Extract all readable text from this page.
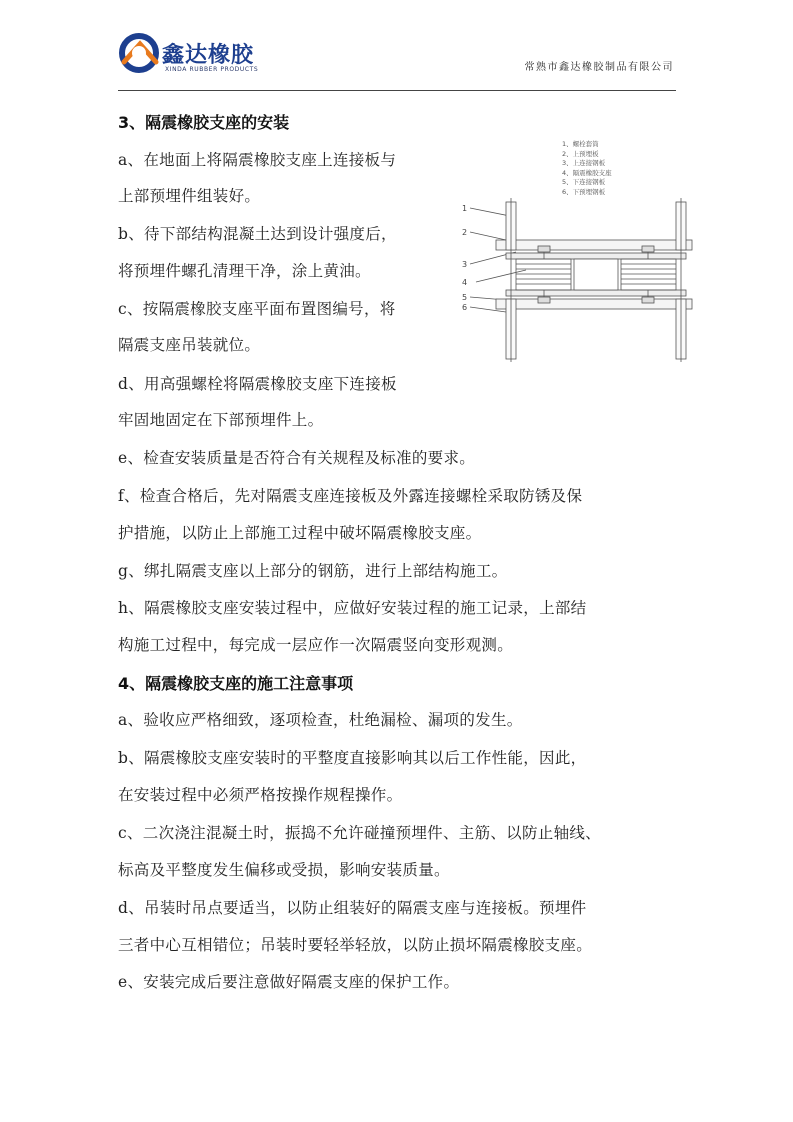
鑫达橡胶
XINDA RUBBER PRODUCTS	常熟市鑫达橡胶制品有限公司
3、隔震橡胶支座的安装
a、在地面上将隔震橡胶支座上连接板与
上部预埋件组装好。
b、待下部结构混凝土达到设计强度后，
将预埋件螺孔清理干净，涂上黄油。
c、按隔震橡胶支座平面布置图编号，将
隔震支座吊装就位。
d、用高强螺栓将隔震橡胶支座下连接板
牢固地固定在下部预埋件上。
e、检查安装质量是否符合有关规程及标准的要求。
f、检查合格后，先对隔震支座连接板及外露连接螺栓采取防锈及保
护措施，以防止上部施工过程中破坏隔震橡胶支座。
g、绑扎隔震支座以上部分的钢筋，进行上部结构施工。
h、隔震橡胶支座安装过程中，应做好安装过程的施工记录，上部结
构施工过程中，每完成一层应作一次隔震竖向变形观测。
1、螺栓套筒
2、上预埋板
3、上连接钢板
4、隔震橡胶支座
5、下连接钢板
6、下预埋钢板
1
2
3
4
5
6
4、隔震橡胶支座的施工注意事项
a、验收应严格细致，逐项检查，杜绝漏检、漏项的发生。
b、隔震橡胶支座安装时的平整度直接影响其以后工作性能，因此，
在安装过程中必须严格按操作规程操作。
c、二次浇注混凝土时，振捣不允许碰撞预埋件、主筋、以防止轴线、
标高及平整度发生偏移或受损，影响安装质量。
d、吊装时吊点要适当，以防止组装好的隔震支座与连接板。预埋件
三者中心互相错位；吊装时要轻举轻放，以防止损坏隔震橡胶支座。
e、安装完成后要注意做好隔震支座的保护工作。
